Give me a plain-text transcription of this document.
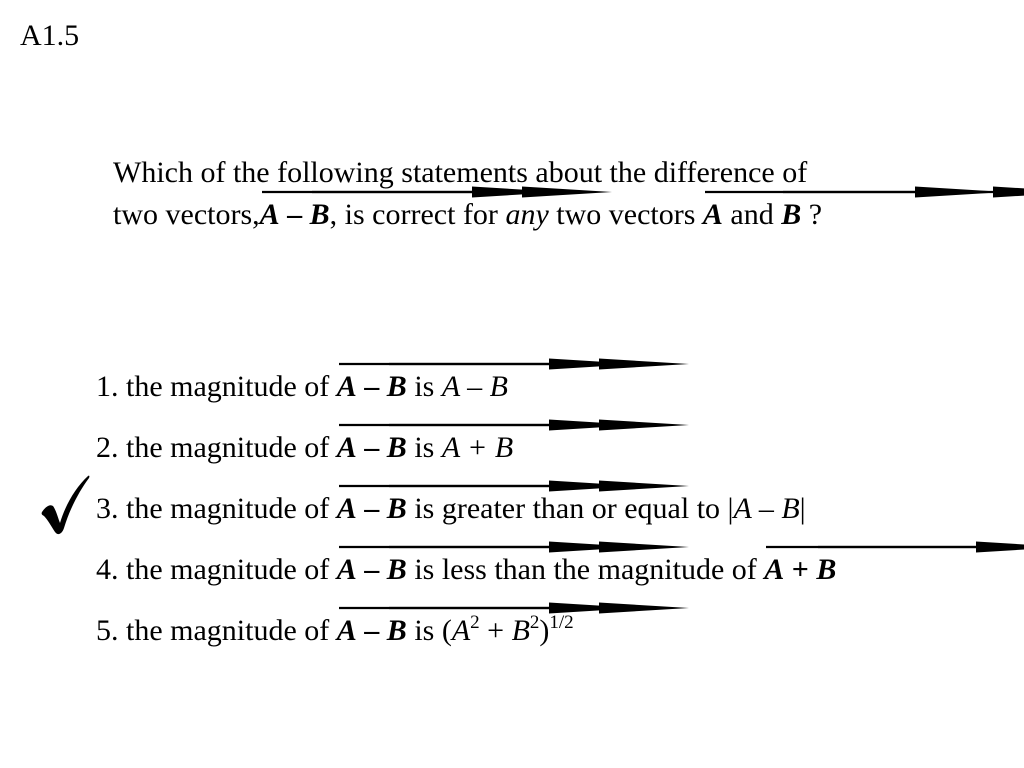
A1.5
Which of the following statements about the difference of
two vectors,
A –
B, is correct for any two vectors
A and
B ?
1. the magnitude of
A –
B is A – B
2. the magnitude of
A –
B is A + B
3. the magnitude of
A –
B is greater than or equal to |A – B|
4. the magnitude of
A –
B is less than the magnitude of
A +
B
5. the magnitude of
A –
B is $(A^2 + B^2)^{1/2}$
